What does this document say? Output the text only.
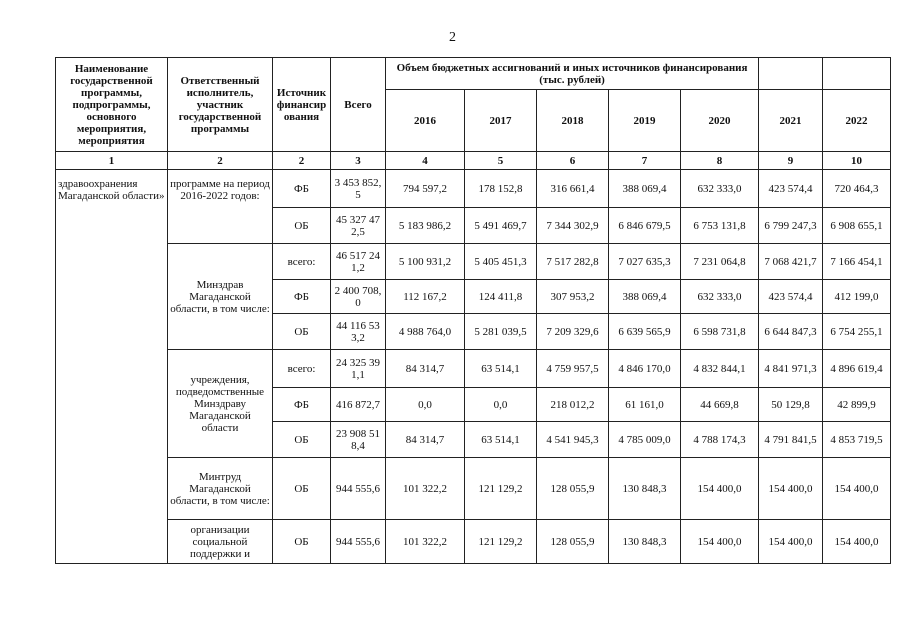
2
Наименование государственной программы, подпрограммы, основного мероприятия, мероприятия	Ответственный исполнитель, участник государственной программы	Источник финансирования	Всего	Объем бюджетных ассигнований и иных источников финансирования (тыс. рублей)						
				2016	2017	2018	2019	2020	2021	2022
1	2	2	3	4	5	6	7	8	9	10
здравоохранения Магаданской области»	программе на период 2016-2022 годов:	ФБ	3 453 852,5	794 597,2	178 152,8	316 661,4	388 069,4	632 333,0	423 574,4	720 464,3
		ОБ	45 327 472,5	5 183 986,2	5 491 469,7	7 344 302,9	6 846 679,5	6 753 131,8	6 799 247,3	6 908 655,1
	Минздрав Магаданской области, в том числе:	всего:	46 517 241,2	5 100 931,2	5 405 451,3	7 517 282,8	7 027 635,3	7 231 064,8	7 068 421,7	7 166 454,1
		ФБ	2 400 708,0	112 167,2	124 411,8	307 953,2	388 069,4	632 333,0	423 574,4	412 199,0
		ОБ	44 116 533,2	4 988 764,0	5 281 039,5	7 209 329,6	6 639 565,9	6 598 731,8	6 644 847,3	6 754 255,1
	учреждения, подведомственные Минздраву Магаданской области	всего:	24 325 391,1	84 314,7	63 514,1	4 759 957,5	4 846 170,0	4 832 844,1	4 841 971,3	4 896 619,4
		ФБ	416 872,7	0,0	0,0	218 012,2	61 161,0	44 669,8	50 129,8	42 899,9
		ОБ	23 908 518,4	84 314,7	63 514,1	4 541 945,3	4 785 009,0	4 788 174,3	4 791 841,5	4 853 719,5
	Минтруд Магаданской области, в том числе:	ОБ	944 555,6	101 322,2	121 129,2	128 055,9	130 848,3	154 400,0	154 400,0	154 400,0
	организации социальной поддержки и	ОБ	944 555,6	101 322,2	121 129,2	128 055,9	130 848,3	154 400,0	154 400,0	154 400,0
